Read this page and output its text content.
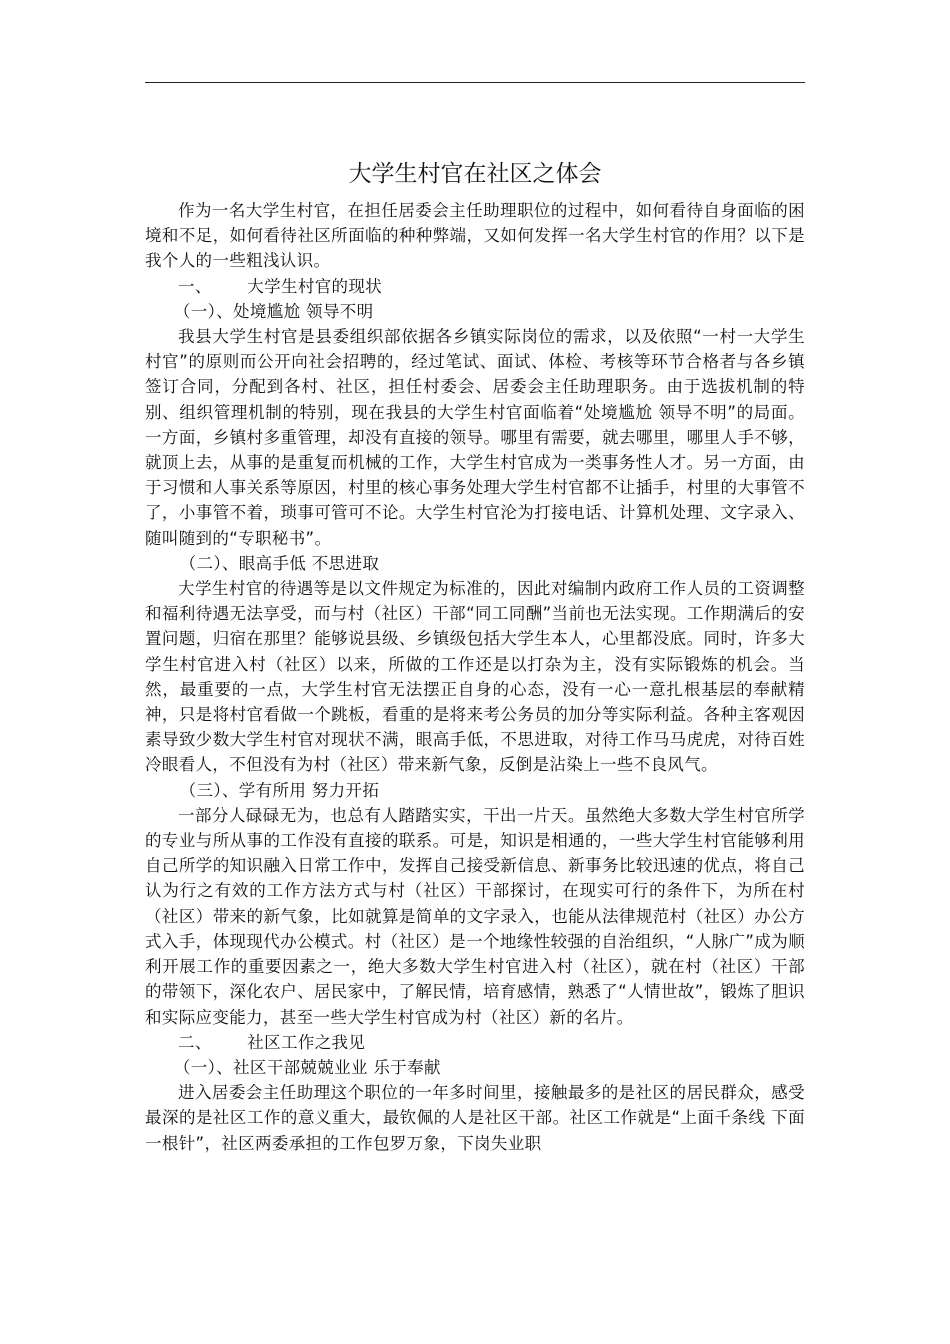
大学生村官在社区之体会

作为一名大学生村官，在担任居委会主任助理职位的过程中，如何看待自身面临的困境和不足，如何看待社区所面临的种种弊端，又如何发挥一名大学生村官的作用？以下是我个人的一些粗浅认识。

一、 大学生村官的现状

（一）、处境尴尬 领导不明

我县大学生村官是县委组织部依据各乡镇实际岗位的需求，以及依照“一村一大学生村官”的原则而公开向社会招聘的，经过笔试、面试、体检、考核等环节合格者与各乡镇签订合同，分配到各村、社区，担任村委会、居委会主任助理职务。由于选拔机制的特别、组织管理机制的特别，现在我县的大学生村官面临着“处境尴尬 领导不明”的局面。一方面，乡镇村多重管理，却没有直接的领导。哪里有需要，就去哪里，哪里人手不够，就顶上去，从事的是重复而机械的工作，大学生村官成为一类事务性人才。另一方面，由于习惯和人事关系等原因，村里的核心事务处理大学生村官都不让插手，村里的大事管不了，小事管不着，琐事可管可不论。大学生村官沦为打接电话、计算机处理、文字录入、随叫随到的“专职秘书”。

（二）、眼高手低 不思进取

大学生村官的待遇等是以文件规定为标准的，因此对编制内政府工作人员的工资调整和福利待遇无法享受，而与村（社区）干部“同工同酬”当前也无法实现。工作期满后的安置问题，归宿在那里？能够说县级、乡镇级包括大学生本人，心里都没底。同时，许多大学生村官进入村（社区）以来，所做的工作还是以打杂为主，没有实际锻炼的机会。当然，最重要的一点，大学生村官无法摆正自身的心态，没有一心一意扎根基层的奉献精神，只是将村官看做一个跳板，看重的是将来考公务员的加分等实际利益。各种主客观因素导致少数大学生村官对现状不满，眼高手低，不思进取，对待工作马马虎虎，对待百姓冷眼看人，不但没有为村（社区）带来新气象，反倒是沾染上一些不良风气。

（三）、学有所用 努力开拓

一部分人碌碌无为，也总有人踏踏实实，干出一片天。虽然绝大多数大学生村官所学的专业与所从事的工作没有直接的联系。可是，知识是相通的，一些大学生村官能够利用自己所学的知识融入日常工作中，发挥自己接受新信息、新事务比较迅速的优点，将自己认为行之有效的工作方法方式与村（社区）干部探讨，在现实可行的条件下，为所在村（社区）带来的新气象，比如就算是简单的文字录入，也能从法律规范村（社区）办公方式入手，体现现代办公模式。村（社区）是一个地缘性较强的自治组织，“人脉广”成为顺利开展工作的重要因素之一，绝大多数大学生村官进入村（社区），就在村（社区）干部的带领下，深化农户、居民家中，了解民情，培育感情，熟悉了“人情世故”，锻炼了胆识和实际应变能力，甚至一些大学生村官成为村（社区）新的名片。

二、 社区工作之我见

（一）、社区干部兢兢业业 乐于奉献

进入居委会主任助理这个职位的一年多时间里，接触最多的是社区的居民群众，感受最深的是社区工作的意义重大，最钦佩的人是社区干部。社区工作就是“上面千条线 下面一根针”，社区两委承担的工作包罗万象，下岗失业职
